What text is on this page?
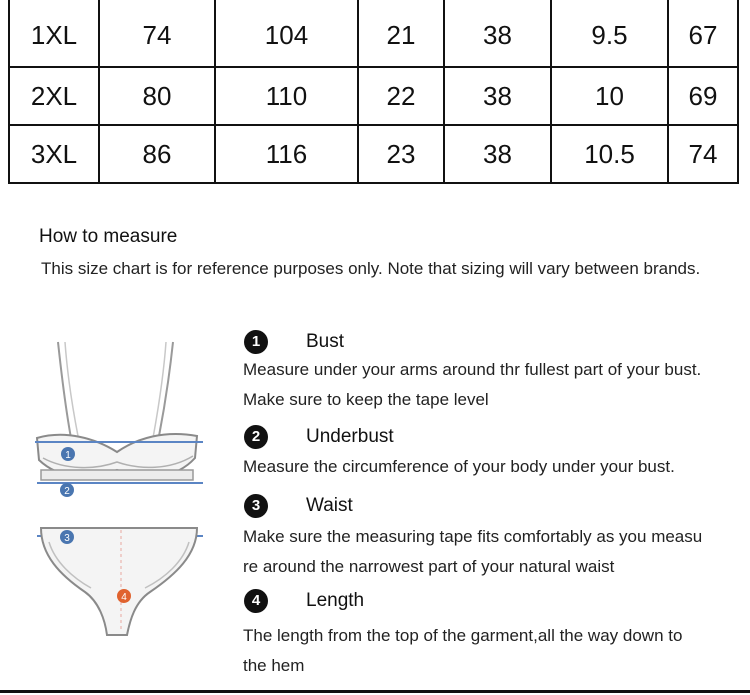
1XL	74	104	21	38	9.5	67
2XL	80	110	22	38	10	69
3XL	86	116	23	38	10.5	74
How to measure
This size chart is for reference purposes only. Note that sizing will vary between brands.
1
2
3
4
1 Bust
Measure under your arms around thr fullest part of your bust.
Make sure to keep the tape level
2 Underbust
Measure the circumference of your body under your bust.
3 Waist
Make sure the measuring tape fits comfortably as you measu
re around the narrowest part of your natural waist
4 Length
The length from the top of the garment,all the way down to
the hem
